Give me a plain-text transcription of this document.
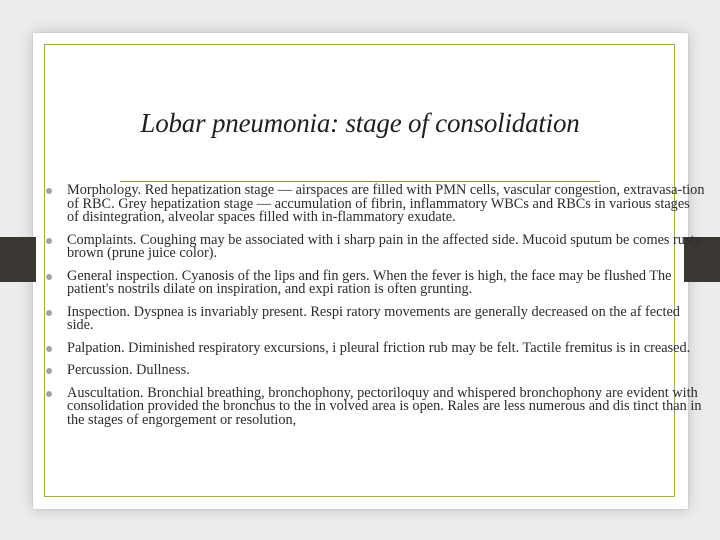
Lobar pneumonia: stage of consolidation
Morphology. Red hepatization stage — airspaces are filled with PMN cells, vascular congestion, extravasa-tion of RBC. Grey hepatization stage — accumulation of fibrin, inflammatory WBCs and RBCs in various stages of disintegration, alveolar spaces filled with in-flammatory exudate.
Complaints. Coughing may be associated with i sharp pain in the affected side. Mucoid sputum be comes rusty brown (prune juice color).
General inspection. Cyanosis of the lips and fin gers. When the fever is high, the face may be flushed The patient's nostrils dilate on inspiration, and expi ration is often grunting.
Inspection. Dyspnea is invariably present. Respi ratory movements are generally decreased on the af fected side.
Palpation. Diminished respiratory excursions, i pleural friction rub may be felt. Tactile fremitus is in creased.
Percussion. Dullness.
Auscultation. Bronchial breathing, bronchophony, pectoriloquy and whispered bronchophony are evident with consolidation provided the bronchus to the in volved area is open. Rales are less numerous and dis tinct than in the stages of engorgement or resolution,
